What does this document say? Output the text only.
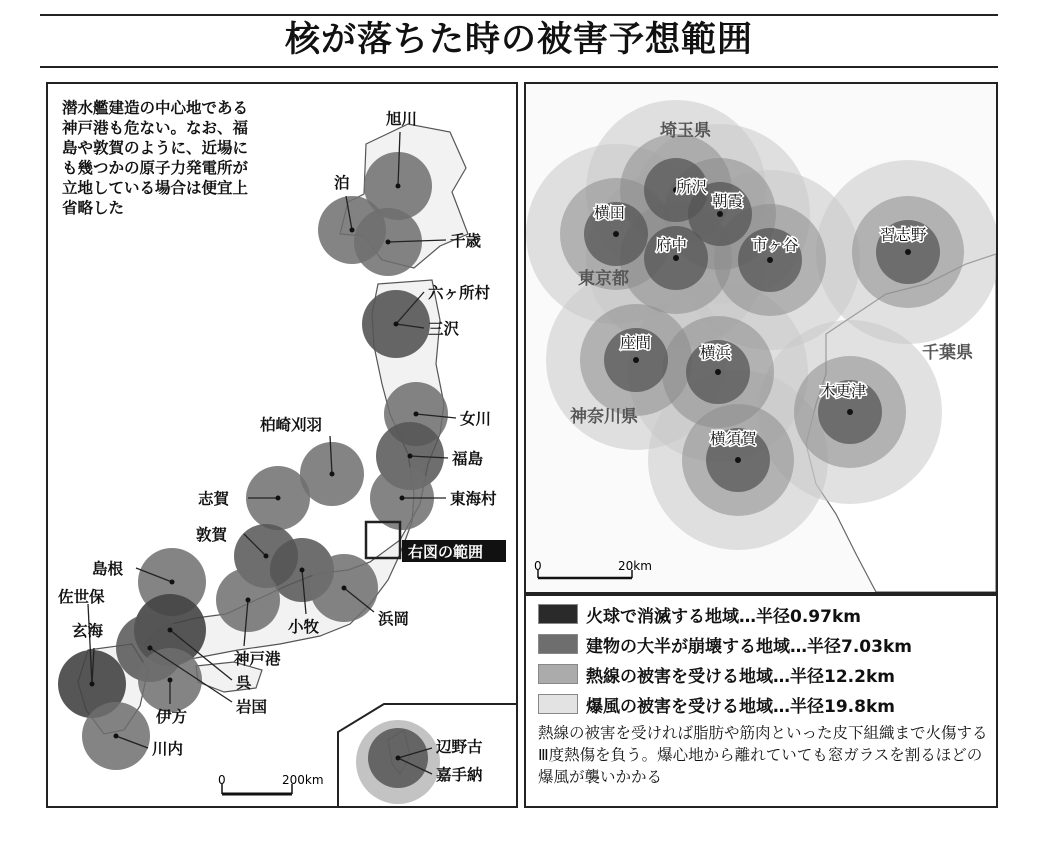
核が落ちた時の被害予想範囲
旭川
泊
千歳
六ヶ所村
三沢
女川
柏崎刈羽
福島
東海村
志賀
敦賀
島根
佐世保
玄海	小牧	浜岡
神戸港
呉
岩国
伊方
川内	辺野古
嘉手納
右図の範囲
0	200km
潜水艦建造の中心地である神戸港も危ない。なお、福島や敦賀のように、近場にも幾つかの原子力発電所が立地している場合は便宜上省略した
埼玉県
東京都
神奈川県
千葉県
所沢
朝霞
横田
府中	市ヶ谷
習志野
座間
横浜
木更津
横須賀
0	20km
火球で消滅する地域…半径0.97km
建物の大半が崩壊する地域…半径7.03km
熱線の被害を受ける地域…半径12.2km
爆風の被害を受ける地域…半径19.8km
熱線の被害を受ければ脂肪や筋肉といった皮下組織まで火傷するⅢ度熱傷を負う。爆心地から離れていても窓ガラスを割るほどの爆風が襲いかかる
